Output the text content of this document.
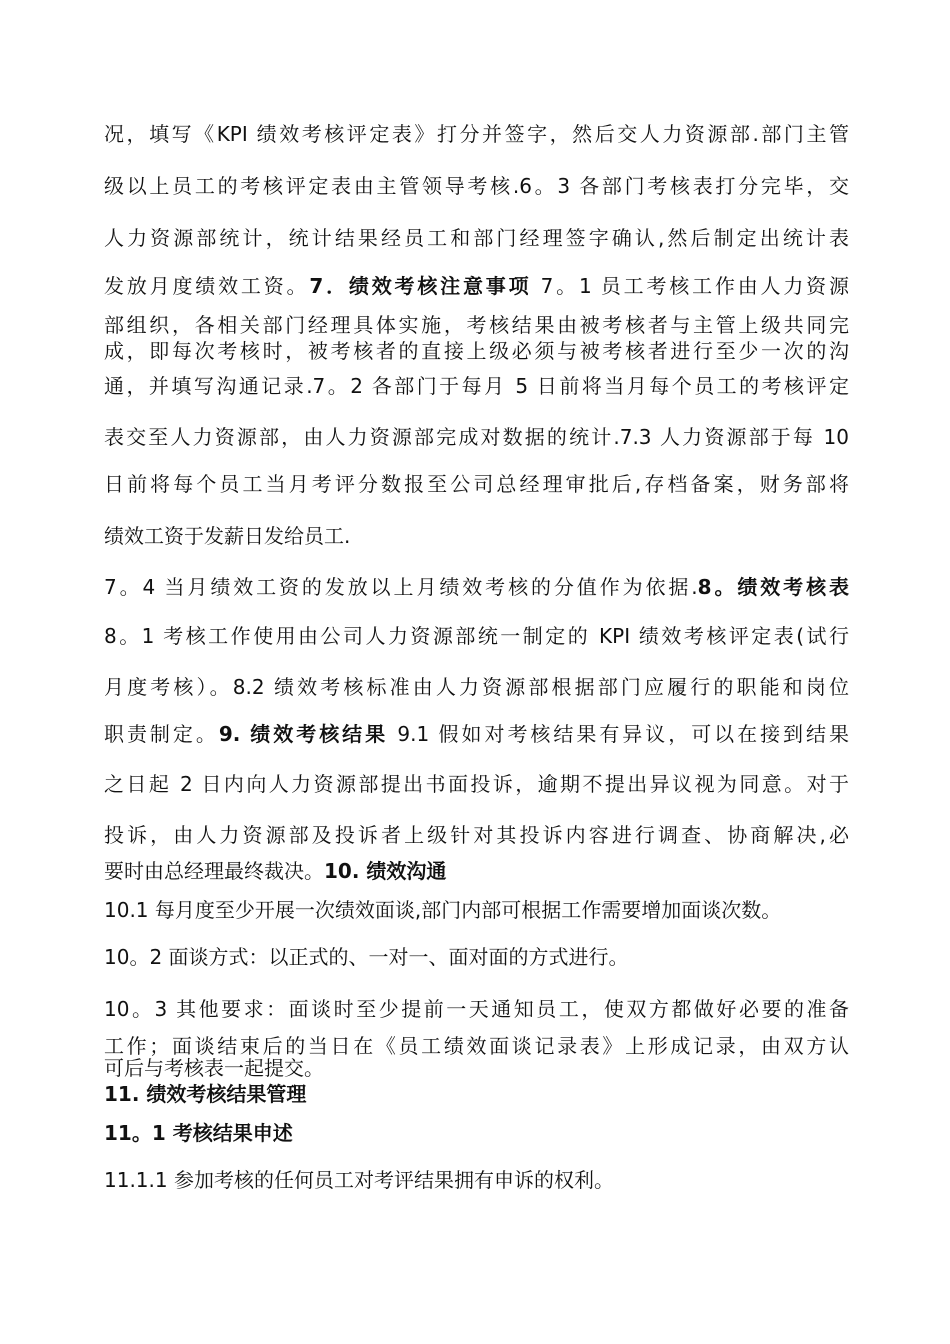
况，填写《KPI 绩效考核评定表》打分并签字，然后交人力资源部.部门主管
级以上员工的考核评定表由主管领导考核.6。3 各部门考核表打分完毕，交
人力资源部统计，统计结果经员工和部门经理签字确认,然后制定出统计表
发放月度绩效工资。7．绩效考核注意事项 7。1 员工考核工作由人力资源
部组织，各相关部门经理具体实施，考核结果由被考核者与主管上级共同完
成，即每次考核时，被考核者的直接上级必须与被考核者进行至少一次的沟
通，并填写沟通记录.7。2 各部门于每月 5 日前将当月每个员工的考核评定
表交至人力资源部，由人力资源部完成对数据的统计.7.3 人力资源部于每 10
日前将每个员工当月考评分数报至公司总经理审批后,存档备案，财务部将
绩效工资于发薪日发给员工.
7。4 当月绩效工资的发放以上月绩效考核的分值作为依据.8。绩效考核表
8。1 考核工作使用由公司人力资源部统一制定的 KPI 绩效考核评定表(试行
月度考核）。8.2 绩效考核标准由人力资源部根据部门应履行的职能和岗位
职责制定。9. 绩效考核结果 9.1 假如对考核结果有异议，可以在接到结果
之日起 2 日内向人力资源部提出书面投诉，逾期不提出异议视为同意。对于
投诉，由人力资源部及投诉者上级针对其投诉内容进行调查、协商解决,必
要时由总经理最终裁决。10. 绩效沟通
10.1 每月度至少开展一次绩效面谈,部门内部可根据工作需要增加面谈次数。
10。2 面谈方式：以正式的、一对一、面对面的方式进行。
10。3 其他要求：面谈时至少提前一天通知员工，使双方都做好必要的准备
工作；面谈结束后的当日在《员工绩效面谈记录表》上形成记录，由双方认
可后与考核表一起提交。
11. 绩效考核结果管理
11。1 考核结果申述
11.1.1 参加考核的任何员工对考评结果拥有申诉的权利。
